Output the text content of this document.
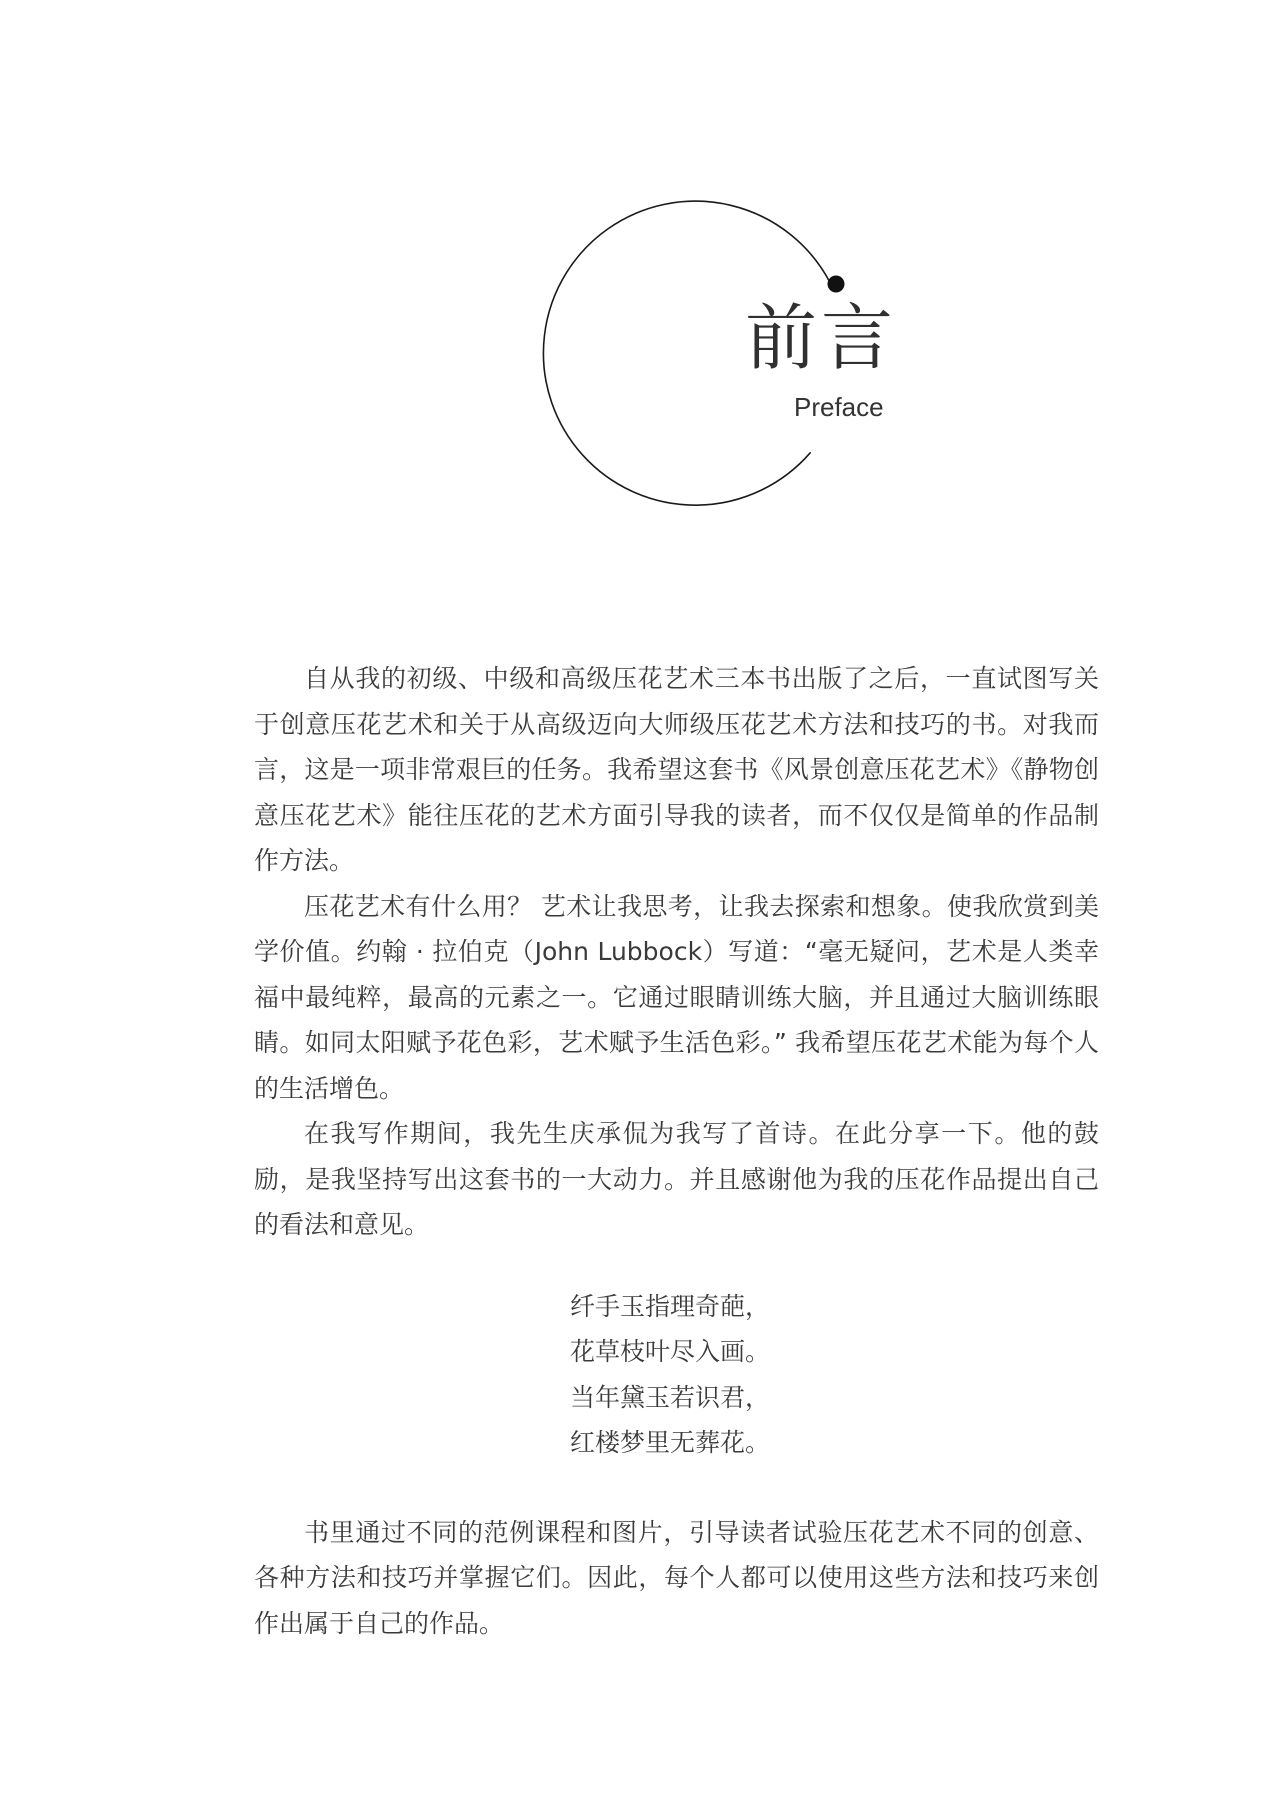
前言
Preface

自从我的初级、中级和高级压花艺术三本书出版了之后，一直试图写关于创意压花艺术和关于从高级迈向大师级压花艺术方法和技巧的书。对我而言，这是一项非常艰巨的任务。我希望这套书《风景创意压花艺术》《静物创意压花艺术》能往压花的艺术方面引导我的读者，而不仅仅是简单的作品制作方法。

压花艺术有什么用？ 艺术让我思考，让我去探索和想象。使我欣赏到美学价值。约翰 · 拉伯克（John Lubbock）写道：“毫无疑问，艺术是人类幸福中最纯粹，最高的元素之一。它通过眼睛训练大脑，并且通过大脑训练眼睛。如同太阳赋予花色彩，艺术赋予生活色彩。” 我希望压花艺术能为每个人的生活增色。

在我写作期间，我先生庆承侃为我写了首诗。在此分享一下。他的鼓励，是我坚持写出这套书的一大动力。并且感谢他为我的压花作品提出自己的看法和意见。

纤手玉指理奇葩，
花草枝叶尽入画。
当年黛玉若识君，
红楼梦里无葬花。

书里通过不同的范例课程和图片，引导读者试验压花艺术不同的创意、各种方法和技巧并掌握它们。因此，每个人都可以使用这些方法和技巧来创作出属于自己的作品。
